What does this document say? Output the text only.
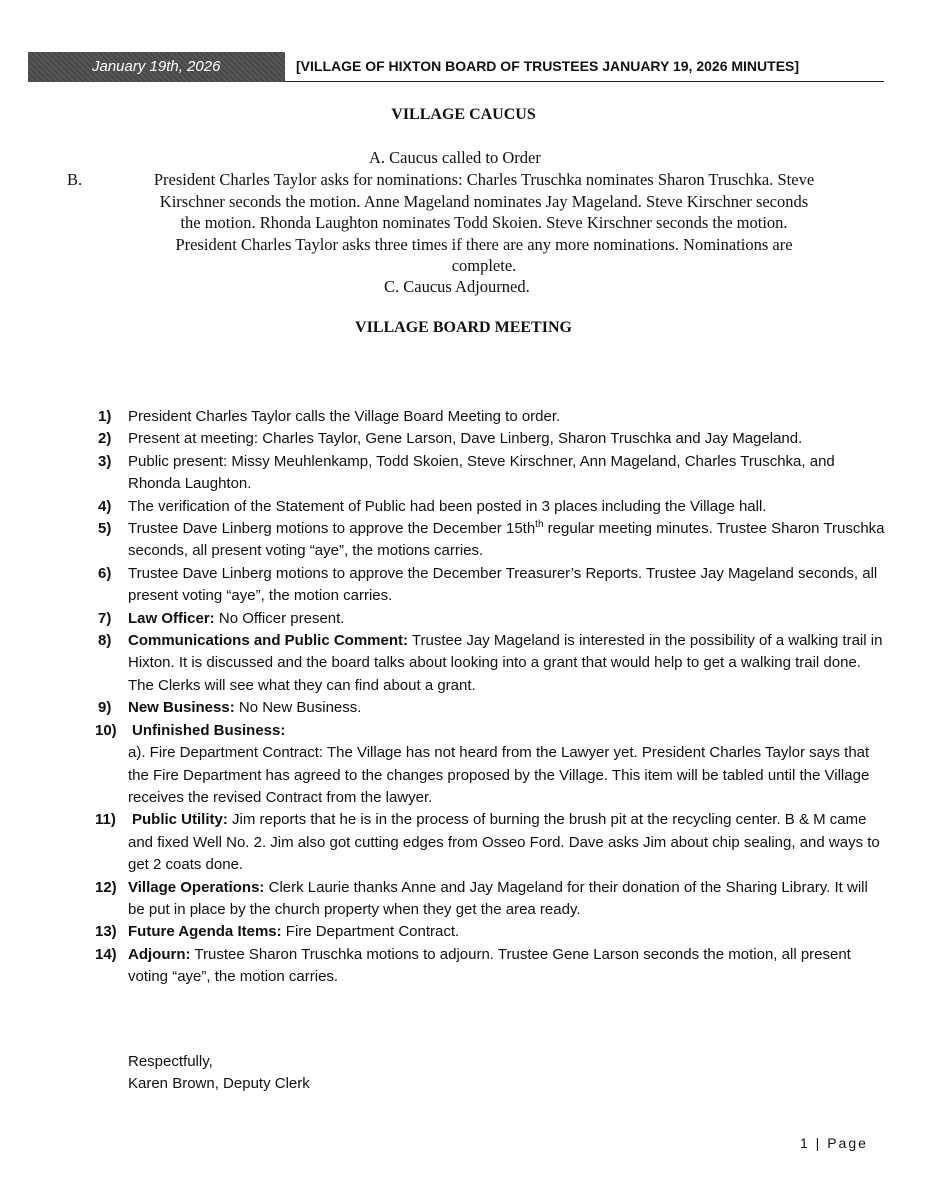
January 19th, 2026	[VILLAGE OF HIXTON BOARD OF TRUSTEES JANUARY 19, 2026 MINUTES]
VILLAGE CAUCUS
A. Caucus called to Order
B.	President Charles Taylor asks for nominations: Charles Truschka nominates Sharon Truschka. Steve
Kirschner seconds the motion. Anne Mageland nominates Jay Mageland. Steve Kirschner seconds
the motion. Rhonda Laughton nominates Todd Skoien. Steve Kirschner seconds the motion.
President Charles Taylor asks three times if there are any more nominations. Nominations are
complete.
C. Caucus Adjourned.
VILLAGE BOARD MEETING
1) President Charles Taylor calls the Village Board Meeting to order.
2) Present at meeting: Charles Taylor, Gene Larson, Dave Linberg, Sharon Truschka and Jay Mageland.
3) Public present: Missy Meuhlenkamp, Todd Skoien, Steve Kirschner, Ann Mageland, Charles Truschka, and Rhonda Laughton.
4) The verification of the Statement of Public had been posted in 3 places including the Village hall.
5) Trustee Dave Linberg motions to approve the December $15th^{th}$ regular meeting minutes. Trustee Sharon Truschka seconds, all present voting “aye”, the motions carries.
6) Trustee Dave Linberg motions to approve the December Treasurer’s Reports. Trustee Jay Mageland seconds, all present voting “aye”, the motion carries.
7) Law Officer: No Officer present.
8) Communications and Public Comment: Trustee Jay Mageland is interested in the possibility of a walking trail in Hixton. It is discussed and the board talks about looking into a grant that would help to get a walking trail done. The Clerks will see what they can find about a grant.
9) New Business: No New Business.
10) Unfinished Business:
a). Fire Department Contract: The Village has not heard from the Lawyer yet. President Charles Taylor says that the Fire Department has agreed to the changes proposed by the Village. This item will be tabled until the Village receives the revised Contract from the lawyer.
11) Public Utility: Jim reports that he is in the process of burning the brush pit at the recycling center. B & M came and fixed Well No. 2. Jim also got cutting edges from Osseo Ford. Dave asks Jim about chip sealing, and ways to get 2 coats done.
12) Village Operations: Clerk Laurie thanks Anne and Jay Mageland for their donation of the Sharing Library. It will be put in place by the church property when they get the area ready.
13) Future Agenda Items: Fire Department Contract.
14) Adjourn: Trustee Sharon Truschka motions to adjourn. Trustee Gene Larson seconds the motion, all present voting “aye”, the motion carries.
Respectfully,
Karen Brown, Deputy Clerk
1 | Page
